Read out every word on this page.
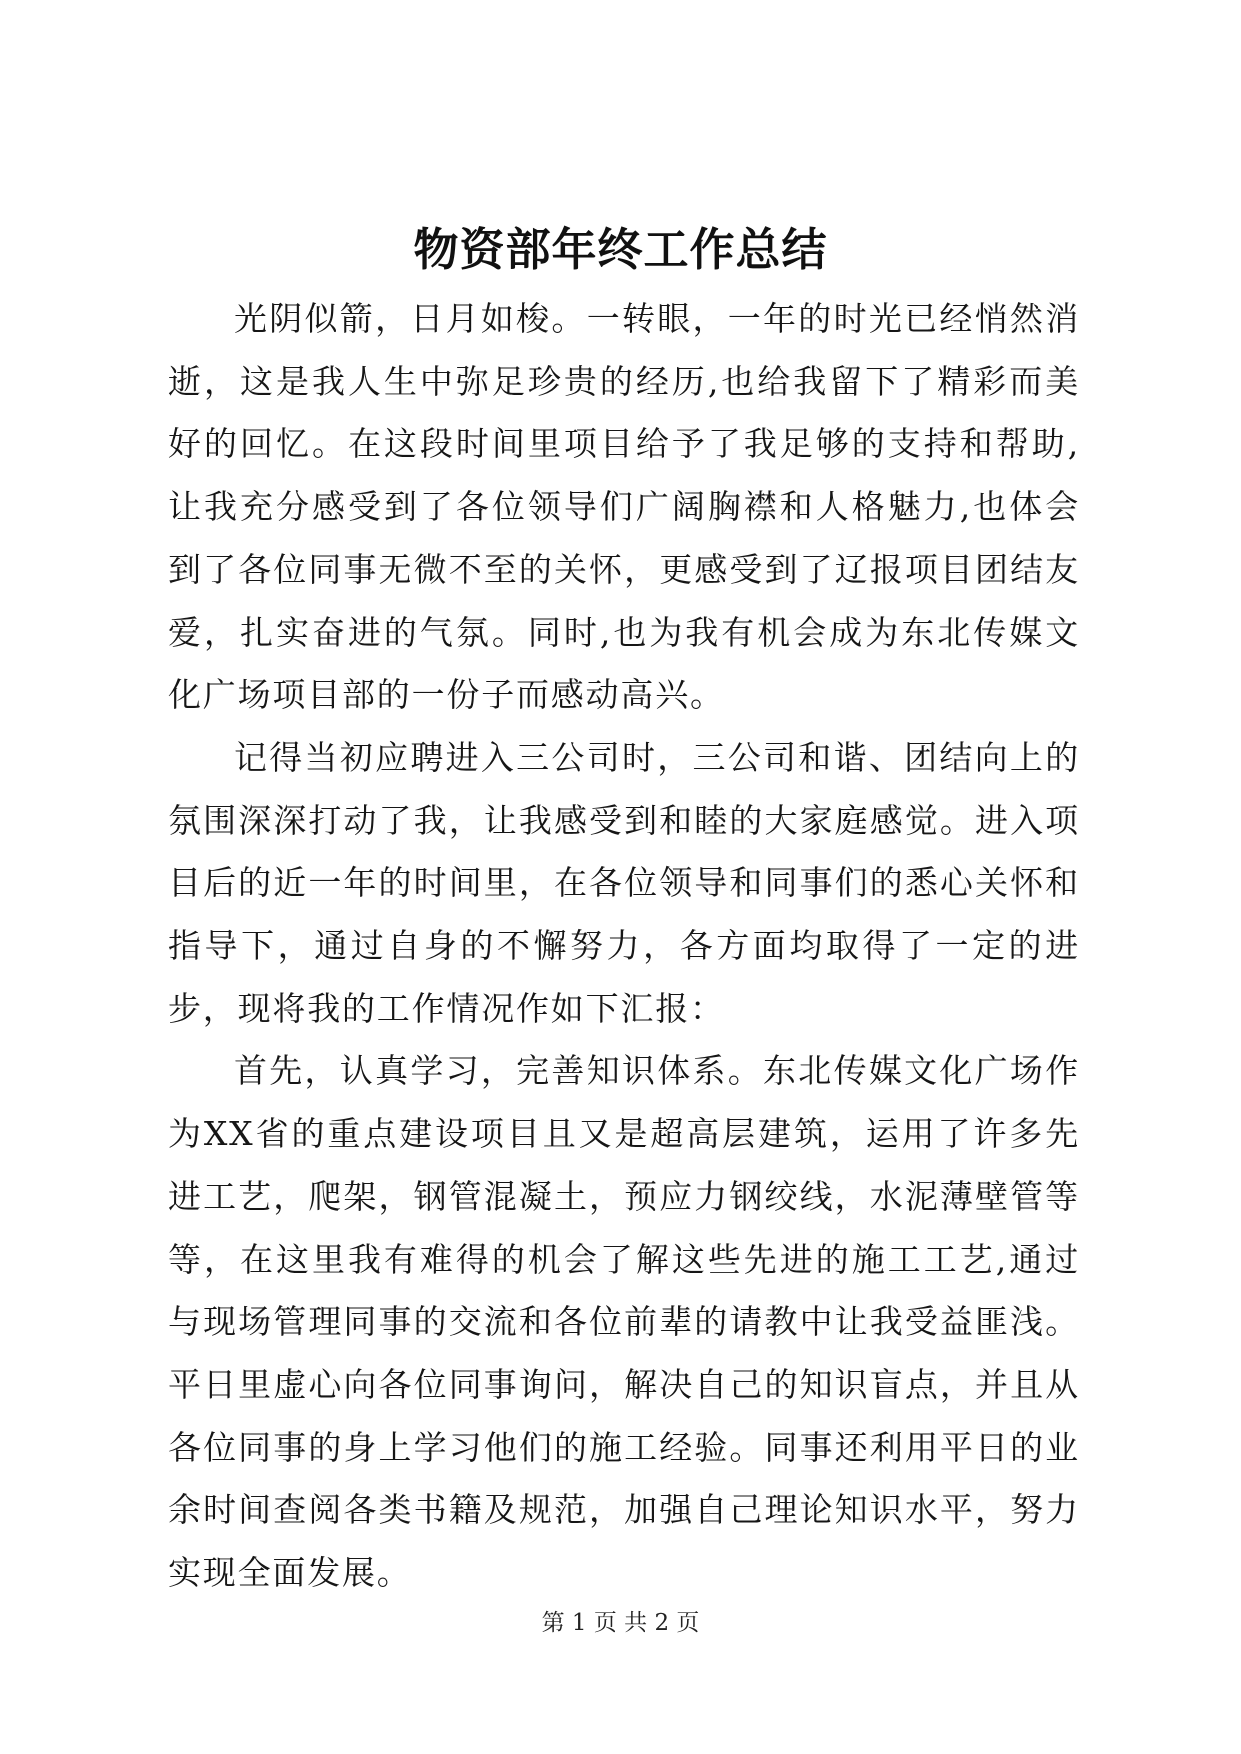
物资部年终工作总结

光阴似箭，日月如梭。一转眼，一年的时光已经悄然消逝，这是我人生中弥足珍贵的经历,也给我留下了精彩而美好的回忆。在这段时间里项目给予了我足够的支持和帮助,让我充分感受到了各位领导们广阔胸襟和人格魅力,也体会到了各位同事无微不至的关怀，更感受到了辽报项目团结友爱，扎实奋进的气氛。同时,也为我有机会成为东北传媒文化广场项目部的一份子而感动高兴。

记得当初应聘进入三公司时，三公司和谐、团结向上的氛围深深打动了我，让我感受到和睦的大家庭感觉。进入项目后的近一年的时间里，在各位领导和同事们的悉心关怀和指导下，通过自身的不懈努力，各方面均取得了一定的进步，现将我的工作情况作如下汇报：

首先，认真学习，完善知识体系。东北传媒文化广场作为XX省的重点建设项目且又是超高层建筑，运用了许多先进工艺，爬架，钢管混凝土，预应力钢绞线，水泥薄壁管等等，在这里我有难得的机会了解这些先进的施工工艺,通过与现场管理同事的交流和各位前辈的请教中让我受益匪浅。平日里虚心向各位同事询问，解决自己的知识盲点，并且从各位同事的身上学习他们的施工经验。同事还利用平日的业余时间查阅各类书籍及规范，加强自己理论知识水平，努力实现全面发展。

第 1 页 共 2 页
